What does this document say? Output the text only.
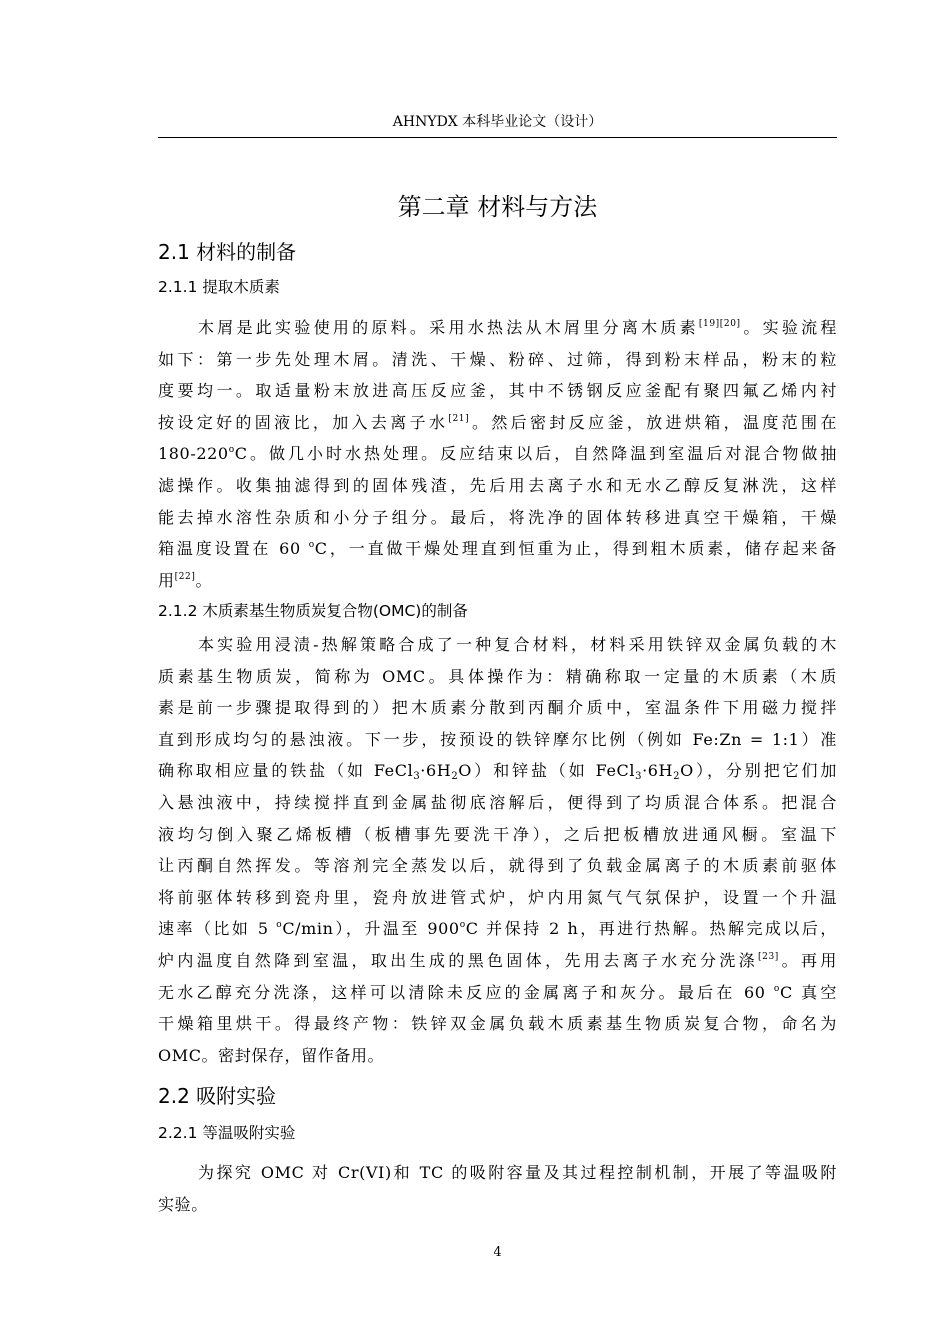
AHNYDX 本科毕业论文（设计）
第二章 材料与方法
2.1 材料的制备
2.1.1 提取木质素
木屑是此实验使用的原料。采用水热法从木屑里分离木质素[19][20]。实验流程
如下：第一步先处理木屑。清洗、干燥、粉碎、过筛，得到粉末样品，粉末的粒
度要均一。取适量粉末放进高压反应釜，其中不锈钢反应釜配有聚四氟乙烯内衬
按设定好的固液比，加入去离子水[21]。然后密封反应釜，放进烘箱，温度范围在
180-220$^o$C。做几小时水热处理。反应结束以后，自然降温到室温后对混合物做抽
滤操作。收集抽滤得到的固体残渣，先后用去离子水和无水乙醇反复淋洗，这样
能去掉水溶性杂质和小分子组分。最后，将洗净的固体转移进真空干燥箱，干燥
箱温度设置在 60 $^o$C，一直做干燥处理直到恒重为止，得到粗木质素，储存起来备
用[22]。
2.1.2 木质素基生物质炭复合物(OMC)的制备
本实验用浸渍-热解策略合成了一种复合材料，材料采用铁锌双金属负载的木
质素基生物质炭，简称为 OMC。具体操作为：精确称取一定量的木质素（木质
素是前一步骤提取得到的）把木质素分散到丙酮介质中，室温条件下用磁力搅拌
直到形成均匀的悬浊液。下一步，按预设的铁锌摩尔比例（例如 Fe:Zn = 1:1）准
确称取相应量的铁盐（如 $FeCl_3\cdot 6H_2O$）和锌盐（如 $FeCl_3\cdot 6H_2O$），分别把它们加
入悬浊液中，持续搅拌直到金属盐彻底溶解后，便得到了均质混合体系。把混合
液均匀倒入聚乙烯板槽（板槽事先要洗干净），之后把板槽放进通风橱。室温下
让丙酮自然挥发。等溶剂完全蒸发以后，就得到了负载金属离子的木质素前驱体
将前驱体转移到瓷舟里，瓷舟放进管式炉，炉内用氮气气氛保护，设置一个升温
速率（比如 5 $^o$C/min），升温至 900$^o$C 并保持 2 h，再进行热解。热解完成以后，
炉内温度自然降到室温，取出生成的黑色固体，先用去离子水充分洗涤[23]。再用
无水乙醇充分洗涤，这样可以清除未反应的金属离子和灰分。最后在 60 $^o$C 真空
干燥箱里烘干。得最终产物：铁锌双金属负载木质素基生物质炭复合物，命名为
OMC。密封保存，留作备用。
2.2 吸附实验
2.2.1 等温吸附实验
为探究 OMC 对 Cr(VI)和 TC 的吸附容量及其过程控制机制，开展了等温吸附
实验。
4
